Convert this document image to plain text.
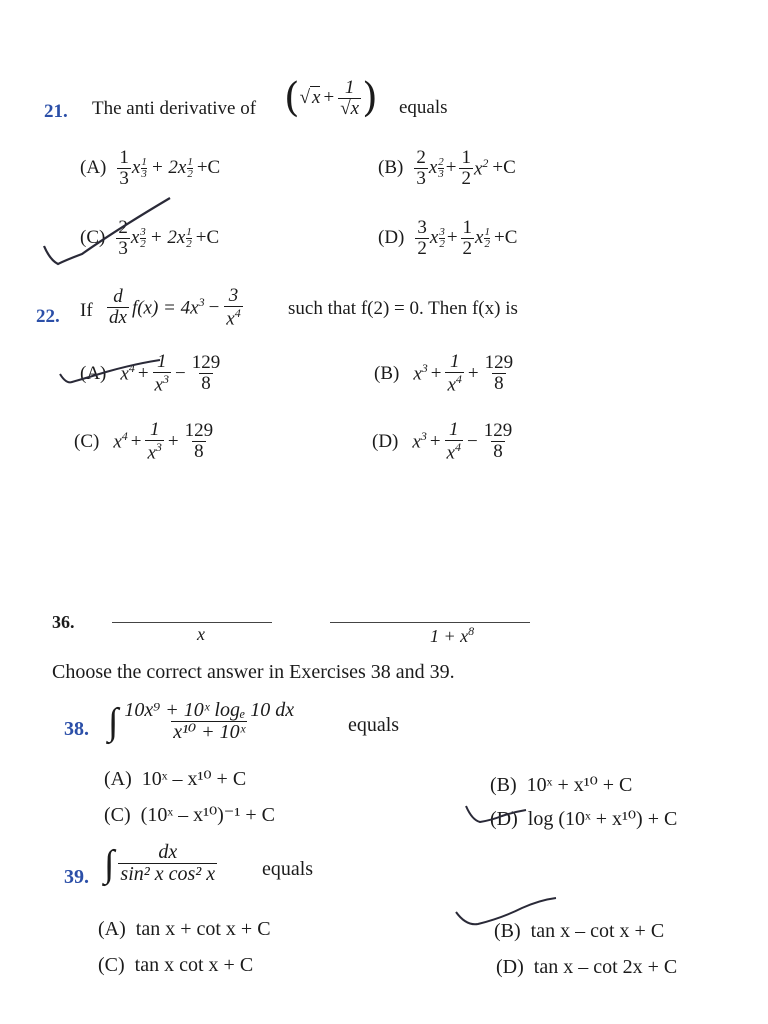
21. The anti derivative of ( √ $x + \frac{1}{√x}$ ) equals
$(A) \frac{1}{3}$ x $\frac{1}{3} + 2x \frac{1}{2} +C$	$(B) \frac{2}{3}$ x $\frac{2}{3} + \frac{1}{2} x^2 +C$
$(C) \frac{2}{3}$ x $\frac{3}{2} + 2x \frac{1}{2} +C$	$(D) \frac{3}{2}$ x $\frac{3}{2} + \frac{1}{2}$ x $\frac{1}{2} +C$
22. If $\frac{d}{dx} f(x) = 4x^3 - \frac{3}{x^4}$ such that f(2) = 0. Then f(x) is
(A) $x^4 + \frac{1}{x^3} - \frac{129}{8}$	(B) $x^3 + \frac{1}{x^4} + \frac{129}{8}$
(C) $x^4 + \frac{1}{x^3} + \frac{129}{8}$	(D) $x^3 + \frac{1}{x^4} - \frac{129}{8}$
36.
x	$1 + x^8$
Choose the correct answer in Exercises 38 and 39.
38. ∫ $\frac{\text{10x⁹ + 10ˣ logₑ 10 dx}}{\text{x¹⁰ + 10ˣ}}$	equals
(A) 10ˣ – x¹⁰ + C	(B) 10ˣ + x¹⁰ + C
(C) (10ˣ – x¹⁰)⁻¹ + C	(D) log (10ˣ + x¹⁰) + C
39. ∫ $\frac{dx}{\text{sin² x cos² x}}$ equals
(A) tan x + cot x + C	(B) tan x – cot x + C
(C) tan x cot x + C	(D) tan x – cot 2x + C
